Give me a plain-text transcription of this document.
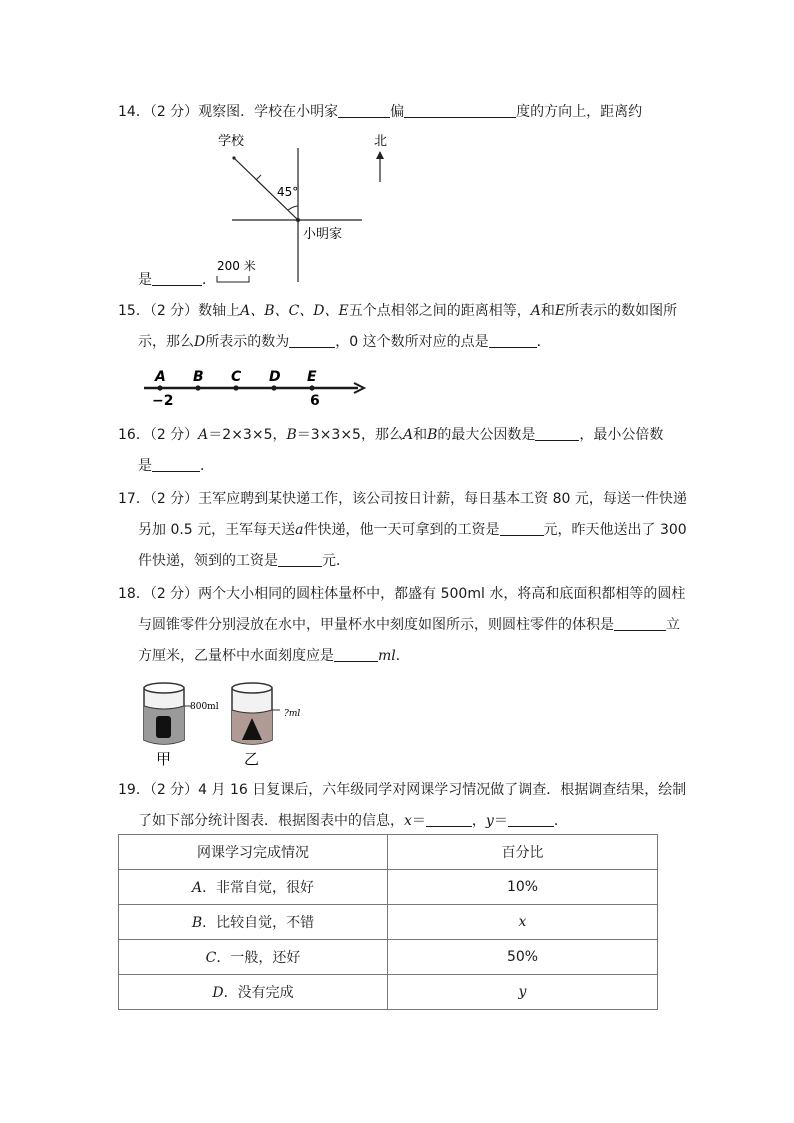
14．（2 分）观察图．学校在小明家	偏	度的方向上，距离约
学校
45°
小明家
北
200 米
是	．
15．（2 分）数轴上A、B、C、D、E五个点相邻之间的距离相等，A和E所表示的数如图所
示，那么D所表示的数为	，0 这个数所对应的点是	．
A B C D E
−2	6
16．（2 分）A＝2×3×5，B＝3×3×5，那么A和B的最大公因数是	，最小公倍数
是	．
17．（2 分）王军应聘到某快递工作，该公司按日计薪，每日基本工资 80 元，每送一件快递
另加 0.5 元，王军每天送a件快递，他一天可拿到的工资是	元，昨天他送出了 300
件快递，领到的工资是	元．
18．（2 分）两个大小相同的圆柱体量杯中，都盛有 500ml 水，将高和底面积都相等的圆柱
与圆锥零件分别浸放在水中，甲量杯水中刻度如图所示，则圆柱零件的体积是	立
方厘米，乙量杯中水面刻度应是	ml．
800ml
甲
?ml
乙
19．（2 分）4 月 16 日复课后，六年级同学对网课学习情况做了调查．根据调查结果，绘制
了如下部分统计图表．根据图表中的信息，x＝	，y＝	．
网课学习完成情况	百分比
A．非常自觉，很好	10%
B．比较自觉，不错	x
C．一般，还好	50%
D．没有完成	y
